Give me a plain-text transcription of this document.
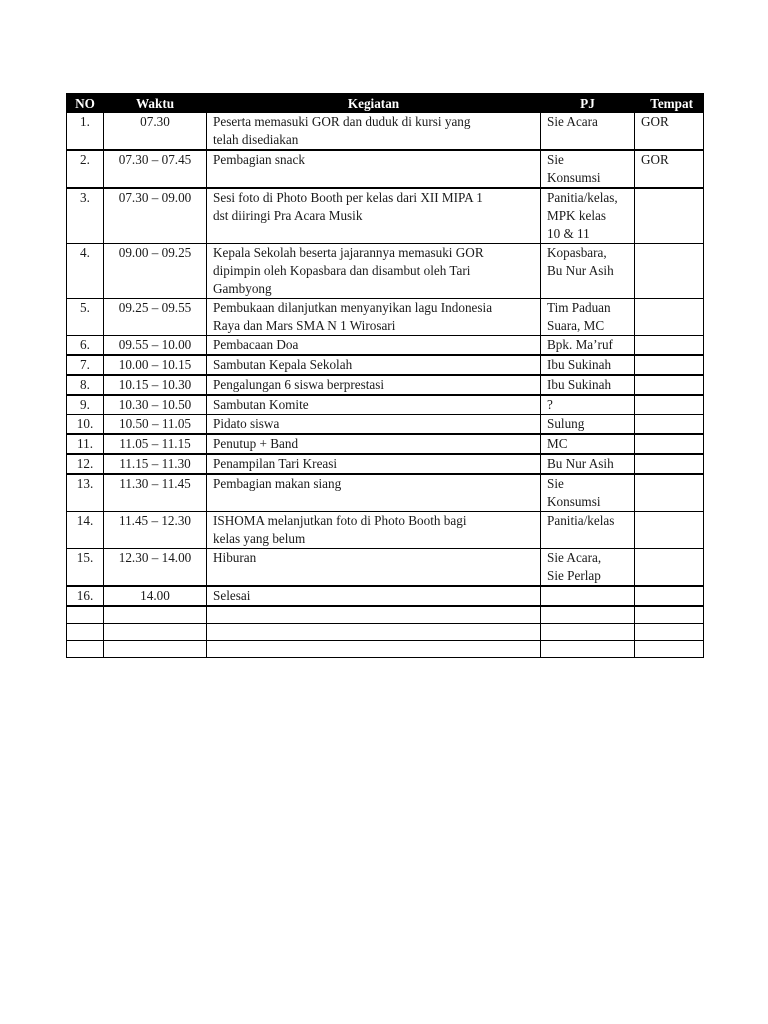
NO	Waktu	Kegiatan	PJ	Tempat
1.	07.30	Peserta memasuki GOR dan duduk di kursi yang
telah disediakan	Sie Acara	GOR
2.	07.30 – 07.45	Pembagian snack	Sie
Konsumsi	GOR
3.	07.30 – 09.00	Sesi foto di Photo Booth per kelas dari XII MIPA 1
dst diiringi Pra Acara Musik	Panitia/kelas,
MPK kelas
10 & 11	

4.	09.00 – 09.25	Kepala Sekolah beserta jajarannya memasuki GOR
dipimpin oleh Kopasbara dan disambut oleh Tari
Gambyong	Kopasbara,
Bu Nur Asih	

5.	09.25 – 09.55	Pembukaan dilanjutkan menyanyikan lagu Indonesia
Raya dan Mars SMA N 1 Wirosari	Tim Paduan
Suara, MC	

6.	09.55 – 10.00	Pembacaan Doa	Bpk. Ma’ruf	

7.	10.00 – 10.15	Sambutan Kepala Sekolah	Ibu Sukinah	

8.	10.15 – 10.30	Pengalungan 6 siswa berprestasi	Ibu Sukinah	

9.	10.30 – 10.50	Sambutan Komite	?	

10.	10.50 – 11.05	Pidato siswa	Sulung	

11.	11.05 – 11.15	Penutup + Band	MC	

12.	11.15 – 11.30	Penampilan Tari Kreasi	Bu Nur Asih	

13.	11.30 – 11.45	Pembagian makan siang	Sie
Konsumsi	

14.	11.45 – 12.30	ISHOMA melanjutkan foto di Photo Booth bagi
kelas yang belum	Panitia/kelas	

15.	12.30 – 14.00	Hiburan	Sie Acara,
Sie Perlap	

16.	14.00	Selesai		
